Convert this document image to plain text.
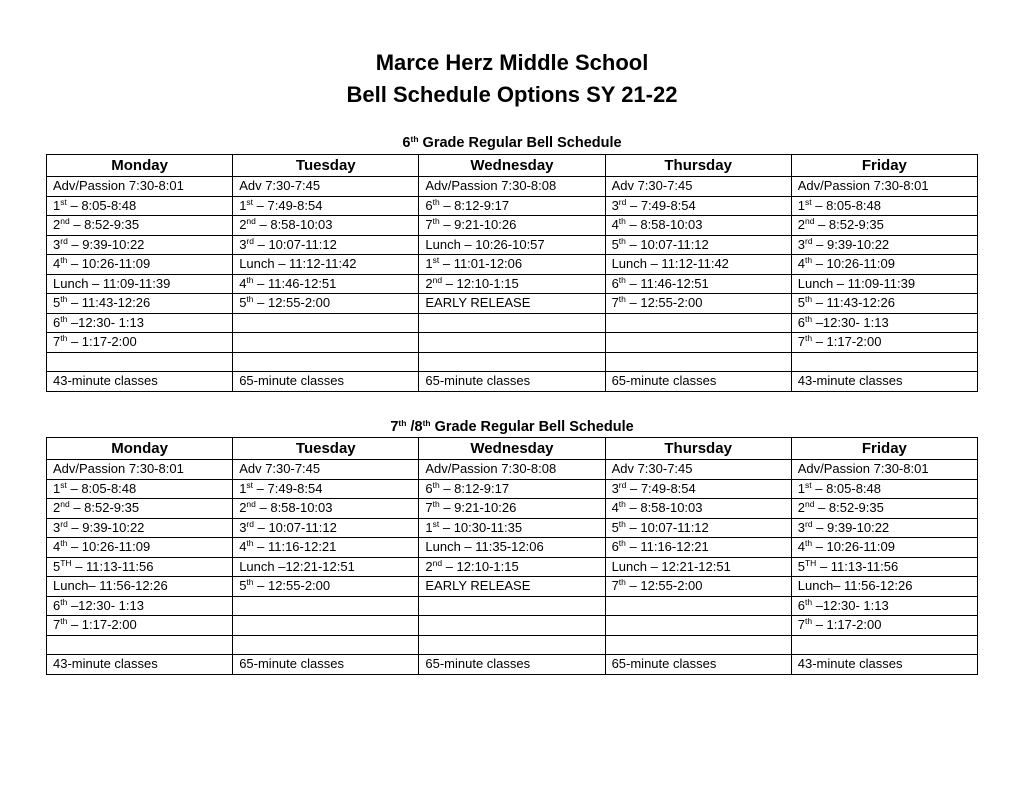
Marce Herz Middle School
Bell Schedule Options SY 21-22
6th Grade Regular Bell Schedule
Monday	Tuesday	Wednesday	Thursday	Friday
Adv/Passion 7:30-8:01	Adv 7:30-7:45	Adv/Passion 7:30-8:08	Adv 7:30-7:45	Adv/Passion 7:30-8:01
1st – 8:05-8:48	1st – 7:49-8:54	6th – 8:12-9:17	3rd – 7:49-8:54	1st – 8:05-8:48
2nd – 8:52-9:35	2nd – 8:58-10:03	7th – 9:21-10:26	4th – 8:58-10:03	2nd – 8:52-9:35
3rd – 9:39-10:22	3rd – 10:07-11:12	Lunch – 10:26-10:57	5th – 10:07-11:12	3rd – 9:39-10:22
4th – 10:26-11:09	Lunch – 11:12-11:42	1st – 11:01-12:06	Lunch – 11:12-11:42	4th – 10:26-11:09
Lunch – 11:09-11:39	4th – 11:46-12:51	2nd – 12:10-1:15	6th – 11:46-12:51	Lunch – 11:09-11:39
5th – 11:43-12:26	5th – 12:55-2:00	EARLY RELEASE	7th – 12:55-2:00	5th – 11:43-12:26
6th –12:30- 1:13				6th –12:30- 1:13
7th – 1:17-2:00				7th – 1:17-2:00

43-minute classes	65-minute classes	65-minute classes	65-minute classes	43-minute classes
7th /8th Grade Regular Bell Schedule
Monday	Tuesday	Wednesday	Thursday	Friday
Adv/Passion 7:30-8:01	Adv 7:30-7:45	Adv/Passion 7:30-8:08	Adv 7:30-7:45	Adv/Passion 7:30-8:01
1st – 8:05-8:48	1st – 7:49-8:54	6th – 8:12-9:17	3rd – 7:49-8:54	1st – 8:05-8:48
2nd – 8:52-9:35	2nd – 8:58-10:03	7th – 9:21-10:26	4th – 8:58-10:03	2nd – 8:52-9:35
3rd – 9:39-10:22	3rd – 10:07-11:12	1st – 10:30-11:35	5th – 10:07-11:12	3rd – 9:39-10:22
4th – 10:26-11:09	4th – 11:16-12:21	Lunch – 11:35-12:06	6th – 11:16-12:21	4th – 10:26-11:09
5TH – 11:13-11:56	Lunch –12:21-12:51	2nd – 12:10-1:15	Lunch – 12:21-12:51	5TH – 11:13-11:56
Lunch– 11:56-12:26	5th – 12:55-2:00	EARLY RELEASE	7th – 12:55-2:00	Lunch– 11:56-12:26
6th –12:30- 1:13				6th –12:30- 1:13
7th – 1:17-2:00				7th – 1:17-2:00

43-minute classes	65-minute classes	65-minute classes	65-minute classes	43-minute classes
